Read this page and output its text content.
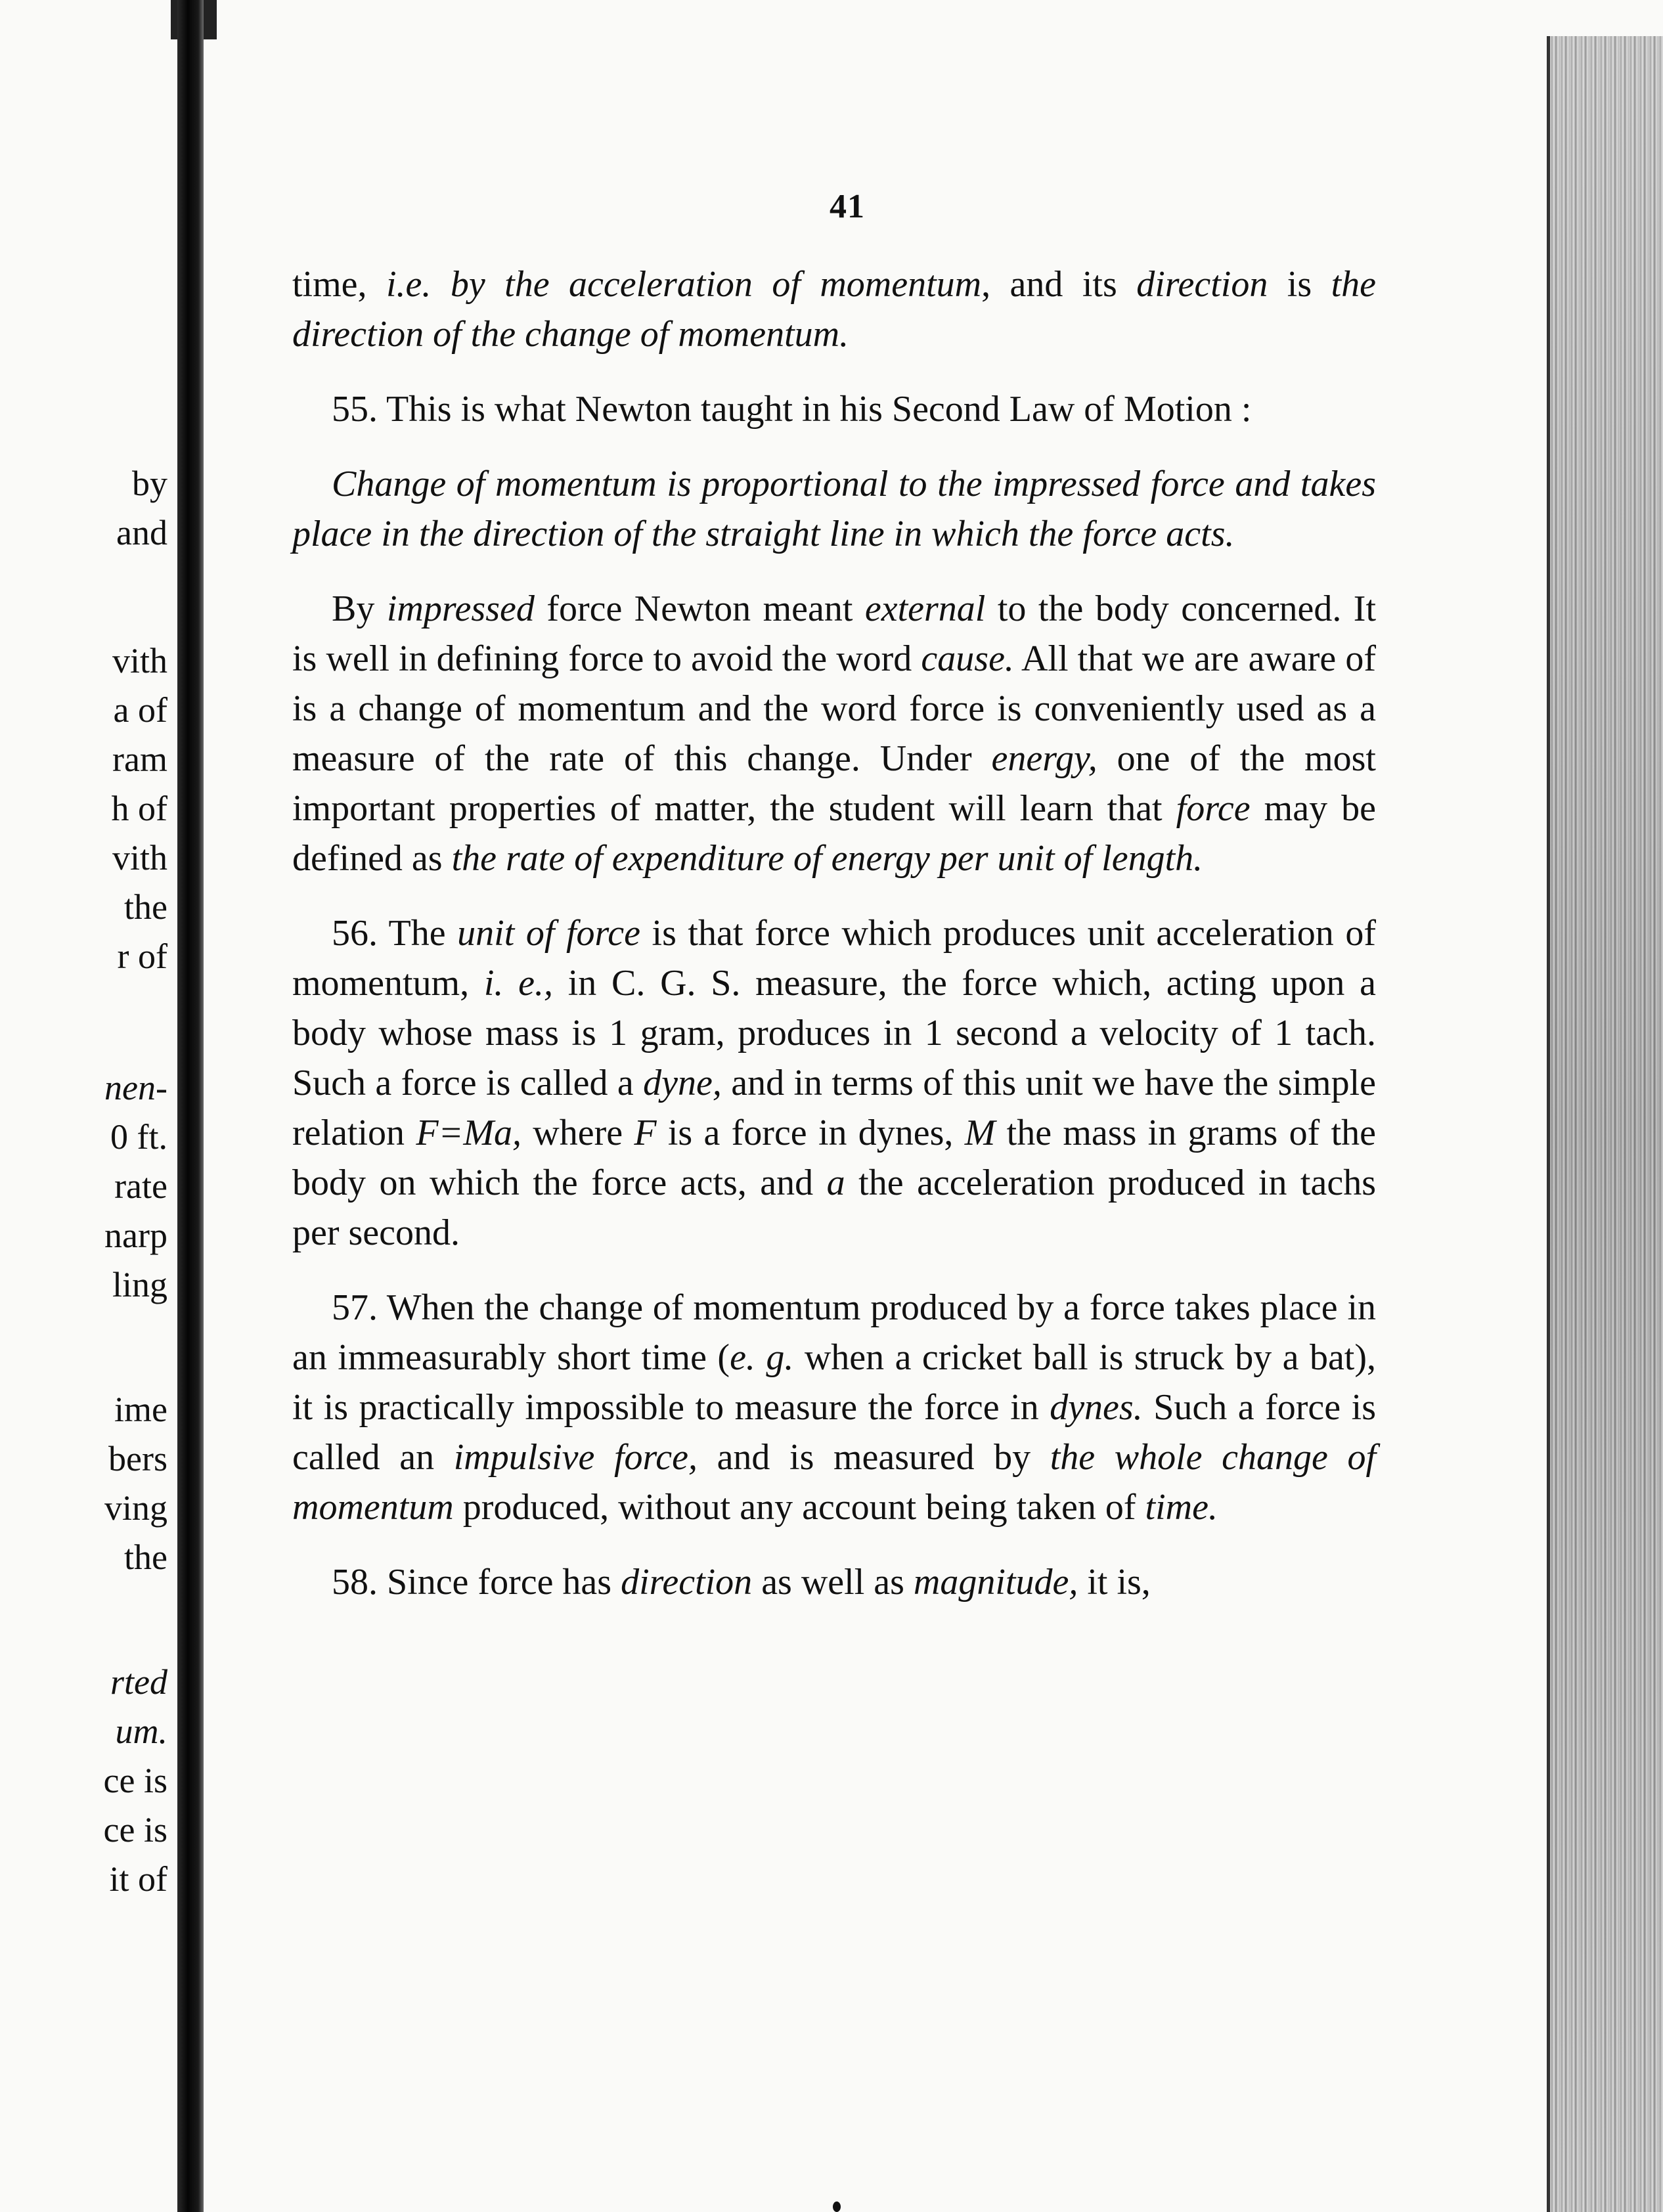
by
and
vith
a of
ram
h of
vith
the
r of
nen-
0 ft.
rate
narp
ling
ime
bers
ving
the
rted
um.
ce is
ce is
it of
41

time, i.e. by the acceleration of momentum, and its direction is the direction of the change of momentum.

55. This is what Newton taught in his Second Law of Motion :

Change of momentum is proportional to the impressed force and takes place in the direction of the straight line in which the force acts.

By impressed force Newton meant external to the body concerned. It is well in defining force to avoid the word cause. All that we are aware of is a change of momentum and the word force is conveniently used as a measure of the rate of this change. Under energy, one of the most important properties of matter, the student will learn that force may be defined as the rate of expenditure of energy per unit of length.

56. The unit of force is that force which produces unit acceleration of momentum, i. e., in C. G. S. measure, the force which, acting upon a body whose mass is 1 gram, produces in 1 second a velocity of 1 tach. Such a force is called a dyne, and in terms of this unit we have the simple relation F=Ma, where F is a force in dynes, M the mass in grams of the body on which the force acts, and a the acceleration produced in tachs per second.

57. When the change of momentum produced by a force takes place in an immeasurably short time (e. g. when a cricket ball is struck by a bat), it is practically impossible to measure the force in dynes. Such a force is called an impulsive force, and is measured by the whole change of momentum produced, without any account being taken of time.

58. Since force has direction as well as magnitude, it is,
